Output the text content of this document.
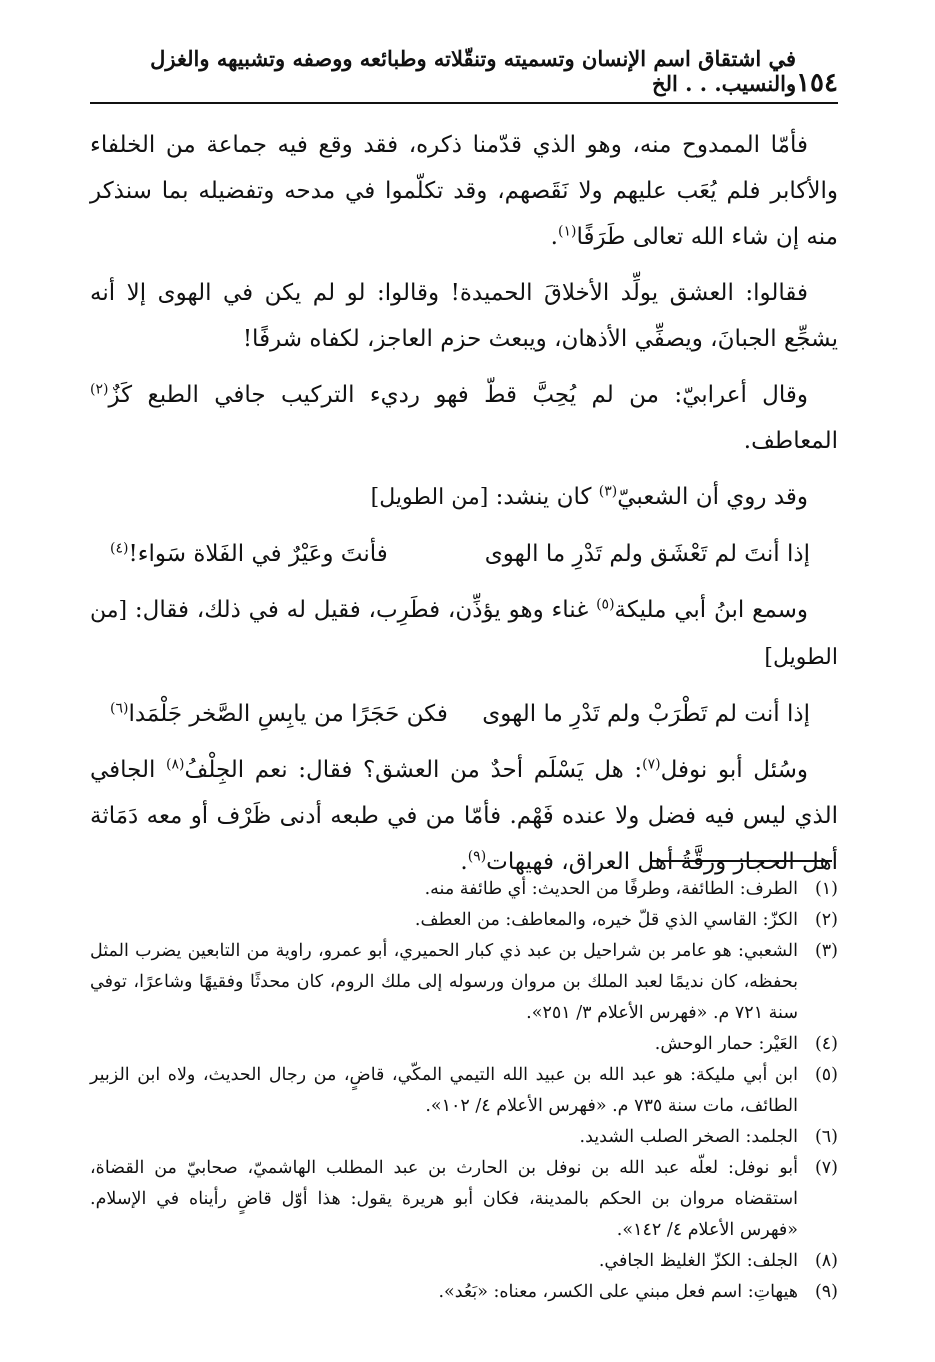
١٥٤
في اشتقاق اسم الإنسان وتسميته وتنقّلاته وطبائعه ووصفه وتشبيهه والغزل والنسيب. . . الخ

فأمّا الممدوح منه، وهو الذي قدّمنا ذكره، فقد وقع فيه جماعة من الخلفاء والأكابر فلم يُعَب عليهم ولا نَقَصهم، وقد تكلّموا في مدحه وتفضيله بما سنذكر منه إن شاء الله تعالى طَرَفًا$^{(١)}$.

فقالوا: العشق يولِّد الأخلاقَ الحميدة! وقالوا: لو لم يكن في الهوى إلا أنه يشجِّع الجبانَ، ويصفِّي الأذهان، ويبعث حزم العاجز، لكفاه شرفًا!

وقال أعرابيّ: من لم يُحِبَّ قطّ فهو رديء التركيب جافي الطبع كَزٌ$^{(٢)}$ المعاطف.

وقد روي أن الشعبيّ$^{(٣)}$ كان ينشد: [من الطويل]

إذا أنتَ لم تَعْشَق ولم تَدْرِ ما الهوى
فأنتَ وعَيْرٌ في الفَلاة سَواء!$^{(٤)}$

وسمع ابنُ أبي مليكة$^{(٥)}$ غناء وهو يؤذِّن، فطَرِب، فقيل له في ذلك، فقال: [من الطويل]

إذا أنت لم تَطْرَبْ ولم تَدْرِ ما الهوى
فكن حَجَرًا من يابِسِ الصَّخر جَلْمَدا$^{(٦)}$

وسُئل أبو نوفل$^{(٧)}$: هل يَسْلَم أحدٌ من العشق؟ فقال: نعم الجِلْفُ$^{(٨)}$ الجافي الذي ليس فيه فضل ولا عنده فَهْم. فأمّا من في طبعه أدنى ظَرْف أو معه دَمَاثة أهل الحجاز ورقَّةُ أهل العراق، فهيهات$^{(٩)}$.

(١)
الطرف: الطائفة، وطرفًا من الحديث: أي طائفة منه.
(٢)
الكزّ: القاسي الذي قلّ خيره، والمعاطف: من العطف.
(٣)
الشعبي: هو عامر بن شراحيل بن عبد ذي كبار الحميري، أبو عمرو، راوية من التابعين يضرب المثل بحفظه، كان نديمًا لعبد الملك بن مروان ورسوله إلى ملك الروم، كان محدثًا وفقيهًا وشاعرًا، توفي سنة ٧٢١ م. «فهرس الأعلام ٣/ ٢٥١».
(٤)
العَيْر: حمار الوحش.
(٥)
ابن أبي مليكة: هو عبد الله بن عبيد الله التيمي المكّي، قاضٍ، من رجال الحديث، ولاه ابن الزبير الطائف، مات سنة ٧٣٥ م. «فهرس الأعلام ٤/ ١٠٢».
(٦)
الجلمد: الصخر الصلب الشديد.
(٧)
أبو نوفل: لعلّه عبد الله بن نوفل بن الحارث بن عبد المطلب الهاشميّ، صحابيّ من القضاة، استقضاه مروان بن الحكم بالمدينة، فكان أبو هريرة يقول: هذا أوّل قاضٍ رأيناه في الإسلام. «فهرس الأعلام ٤/ ١٤٢».
(٨)
الجلف: الكزّ الغليظ الجافي.
(٩)
هيهاتِ: اسم فعل مبني على الكسر، معناه: «بَعُد».
